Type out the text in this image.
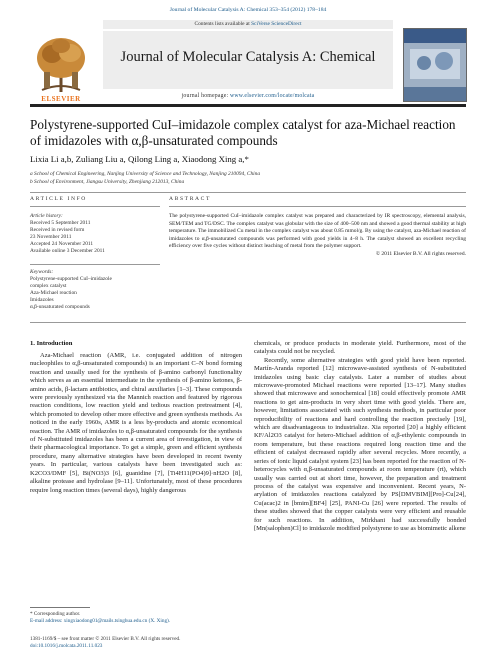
Journal of Molecular Catalysis A: Chemical 353–354 (2012) 178–184
Contents lists available at SciVerse ScienceDirect
ELSEVIER
Journal of Molecular Catalysis A: Chemical
journal homepage: www.elsevier.com/locate/molcata
Polystyrene-supported CuI–imidazole complex catalyst for aza-Michael reaction
of imidazoles with α,β-unsaturated compounds
Lixia Li a,b, Zuliang Liu a, Qilong Ling a, Xiaodong Xing a,*
a School of Chemical Engineering, Nanjing University of Science and Technology, Nanjing 210094, China
b School of Environment, Jiangsu University, Zhenjiang 212013, China
ARTICLE INFO	ABSTRACT
Article history:
Received 5 September 2011
Received in revised form
23 November 2011
Accepted 24 November 2011
Available online 3 December 2011
Keywords:
Polystyrene-supported CuI–imidazole
complex catalyst
Aza-Michael reaction
Imidazoles
α,β-unsaturated compounds
The polystyrene-supported CuI–imidazole complex catalyst was prepared and characterized by IR spectroscopy, elemental analysis, SEM/TEM and TG/DSC. The complex catalyst was globular with the size of 400–500 nm and showed a good thermal stability at high temperature. The immobilized Cu metal in the complex catalyst was about 0.85 mmol/g. By using the catalyst, aza-Michael reaction of imidazoles to α,β-unsaturated compounds was performed with good yields in 4–8 h. The catalyst showed an excellent recycling efficiency over five cycles without distinct leaching of metal from the polymer support.
© 2011 Elsevier B.V. All rights reserved.
1. Introduction

Aza-Michael reaction (AMR, i.e. conjugated addition of nitrogen nucleophiles to α,β-unsaturated compounds) is an important C–N bond forming reaction and usually used for the synthesis of β-amino carbonyl functionality which serves as an essential intermediate in the synthesis of β-amino ketones, β-amino acids, β-lactam antibiotics, and chiral auxiliaries [1–3]. These compounds were previously synthesized via the Mannich reaction and featured by rigorous reaction conditions, low reaction yield and tedious reaction pretreatment [4], which promoted to develop other more effective and green synthesis methods. As noticed in the early 1960s, AMR is a less by-products and atomic economical reaction. The AMR of imidazoles to α,β-unsaturated compounds for the synthesis of N-substituted imidazoles has been a current area of investigation, in view of their pharmacological importance. To get a simple, green and efficient synthesis procedure, many alternative strategies have been developed in recent twenty years. In particular, various catalysts have been investigated such as: K2CO3/DMF [5], Bi(NO3)3 [6], guanidine [7], [Ti4H11(PO4)9]·nH2O [8], alkaline protease and hydrolase [9–11]. Unfortunately, most of these procedures require long reaction times (several days), highly dangerous

chemicals, or produce products in moderate yield. Furthermore, most of the catalysts could not be recycled.

Recently, some alternative strategies with good yield have been reported. Martín-Aranda reported [12] microwave-assisted synthesis of N-substituted imidazoles using basic clay catalysts. Later a number of studies about microwave-promoted Michael reactions were reported [13–17]. Many studies showed that microwave and sonochemical [18] could effectively promote AMR reactions to get aim-products in very short time with good yields. There are, however, limitations associated with such synthesis methods, in particular poor reproducibility of reactions and hard controlling the reaction precisely [19], which are disadvantageous to industrialize. Xia reported [20] a highly efficient KF/Al2O3 catalyst for hetero-Michael addition of α,β-ethylenic compounds in room temperature, but these reactions required long reaction time and the efficient of catalyst decreased rapidly after several recycles. More recently, a series of ionic liquid catalyst system [23] has been reported for the reaction of N-heterocycles with α,β-unsaturated compounds at room temperature (rt), which usually was carried out at short time, however, the preparation and treatment process of the catalyst was expensive and inconvenient. Recent years, N-arylation of imidazoles reactions catalyzed by PS[DMVBIM][Pro]-Cu[24], Cu(acac)2 in [bmim][BF4] [25], PANI-Cu [26] were reported. The results of these studies showed that the copper catalysts were very efficient and reusable for such reactions. In addition, Mirkhani had successfully bonded [Mn(salophen)Cl] to imidazole modified polystyrene to use as biomimetic alkene

* Corresponding author.
E-mail address: xingxiaodong01@mails.tsinghua.edu.cn (X. Xing).
1381-1169/$ – see front matter © 2011 Elsevier B.V. All rights reserved.
doi:10.1016/j.molcata.2011.11.023
